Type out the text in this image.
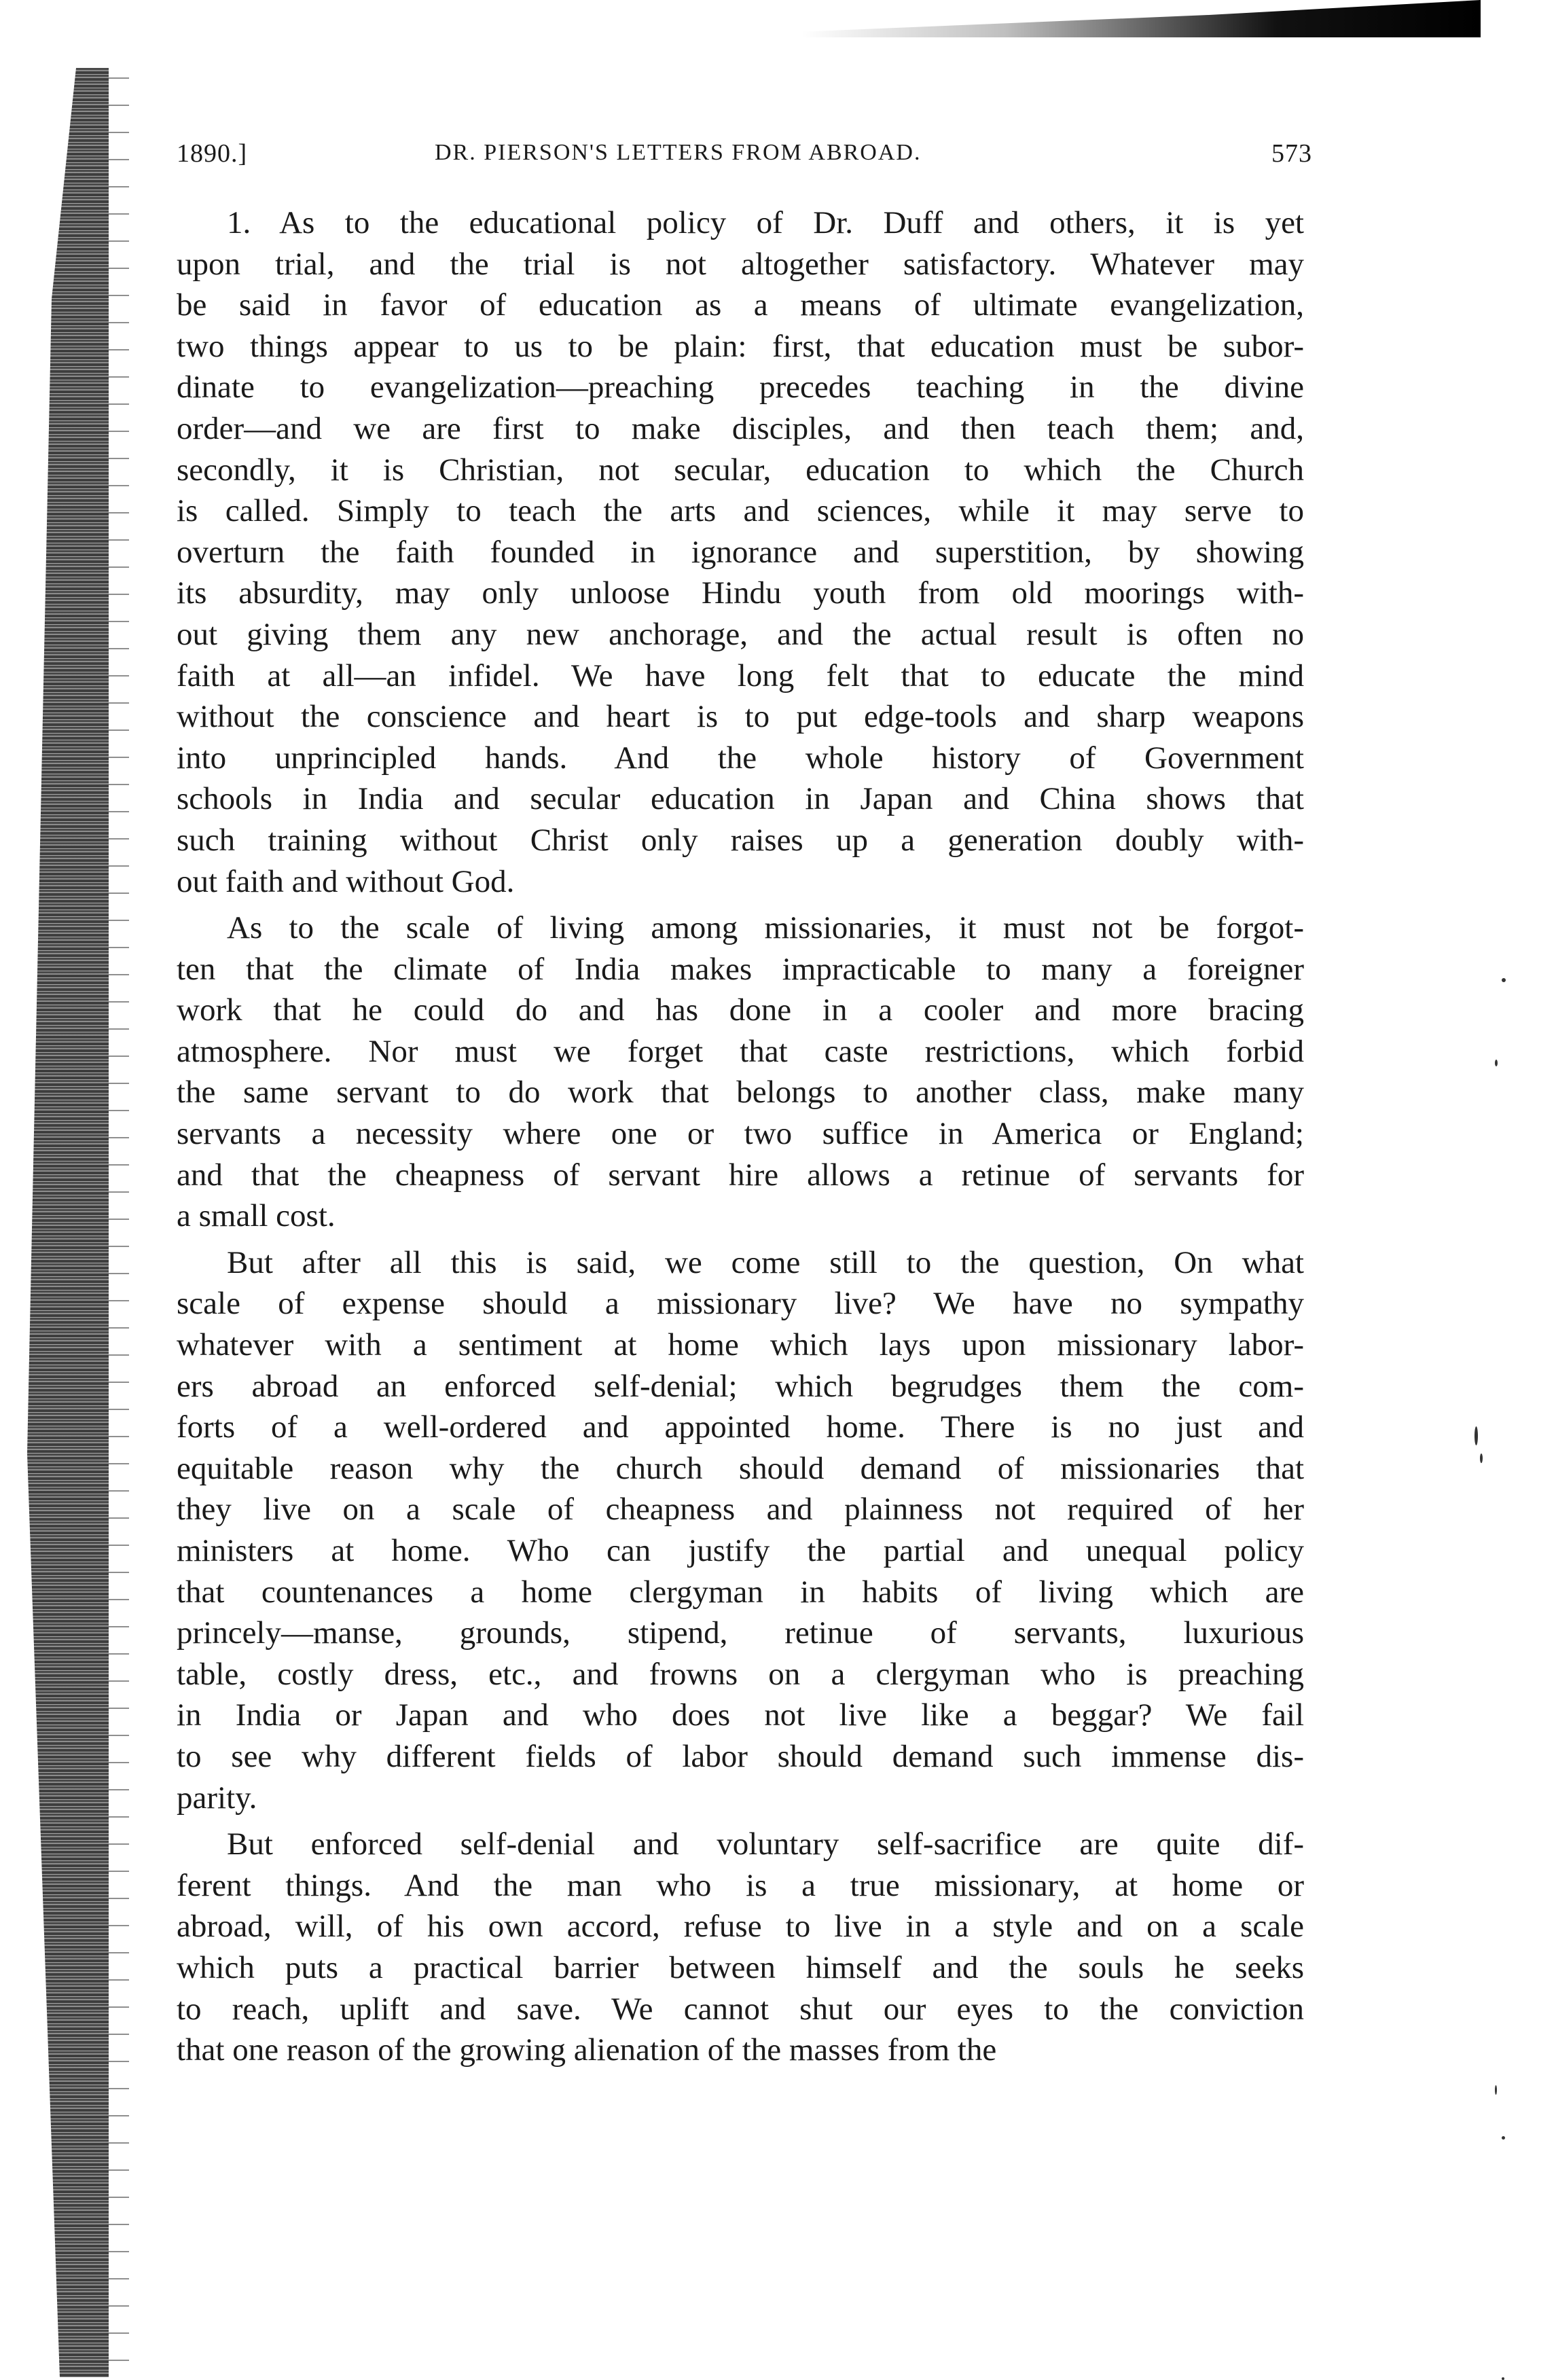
1890.]	DR. PIERSON'S LETTERS FROM ABROAD.	573
1. As to the educational policy of Dr. Duff and others, it is yet
upon trial, and the trial is not altogether satisfactory. Whatever may
be said in favor of education as a means of ultimate evangelization,
two things appear to us to be plain: first, that education must be subor-
dinate to evangelization—preaching precedes teaching in the divine
order—and we are first to make disciples, and then teach them; and,
secondly, it is Christian, not secular, education to which the Church
is called. Simply to teach the arts and sciences, while it may serve to
overturn the faith founded in ignorance and superstition, by showing
its absurdity, may only unloose Hindu youth from old moorings with-
out giving them any new anchorage, and the actual result is often no
faith at all—an infidel. We have long felt that to educate the mind
without the conscience and heart is to put edge-tools and sharp weapons
into unprincipled hands. And the whole history of Government
schools in India and secular education in Japan and China shows that
such training without Christ only raises up a generation doubly with-
out faith and without God.
As to the scale of living among missionaries, it must not be forgot-
ten that the climate of India makes impracticable to many a foreigner
work that he could do and has done in a cooler and more bracing
atmosphere. Nor must we forget that caste restrictions, which forbid
the same servant to do work that belongs to another class, make many
servants a necessity where one or two suffice in America or England;
and that the cheapness of servant hire allows a retinue of servants for
a small cost.
But after all this is said, we come still to the question, On what
scale of expense should a missionary live? We have no sympathy
whatever with a sentiment at home which lays upon missionary labor-
ers abroad an enforced self-denial; which begrudges them the com-
forts of a well-ordered and appointed home. There is no just and
equitable reason why the church should demand of missionaries that
they live on a scale of cheapness and plainness not required of her
ministers at home. Who can justify the partial and unequal policy
that countenances a home clergyman in habits of living which are
princely—manse, grounds, stipend, retinue of servants, luxurious
table, costly dress, etc., and frowns on a clergyman who is preaching
in India or Japan and who does not live like a beggar? We fail
to see why different fields of labor should demand such immense dis-
parity.
But enforced self-denial and voluntary self-sacrifice are quite dif-
ferent things. And the man who is a true missionary, at home or
abroad, will, of his own accord, refuse to live in a style and on a scale
which puts a practical barrier between himself and the souls he seeks
to reach, uplift and save. We cannot shut our eyes to the conviction
that one reason of the growing alienation of the masses from the
